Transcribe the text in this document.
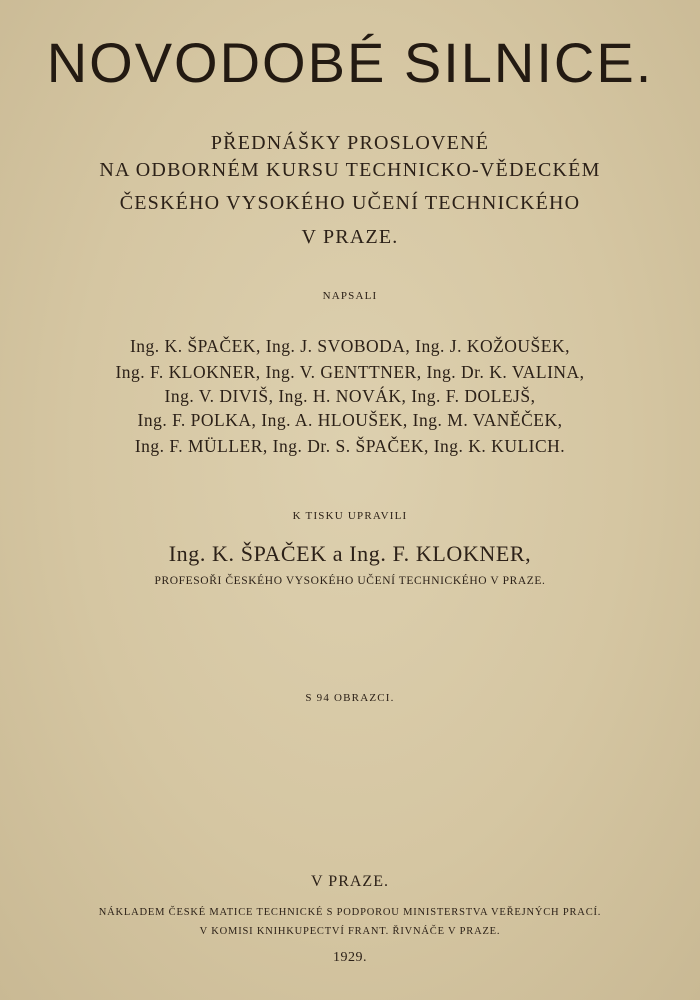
NOVODOBÉ SILNICE.
PŘEDNÁŠKY PROSLOVENÉ
NA ODBORNÉM KURSU TECHNICKO-VĚDECKÉM
ČESKÉHO VYSOKÉHO UČENÍ TECHNICKÉHO
V PRAZE.
NAPSALI
Ing. K. ŠPAČEK, Ing. J. SVOBODA, Ing. J. KOŽOUŠEK,
Ing. F. KLOKNER, Ing. V. GENTTNER, Ing. Dr. K. VALINA,
Ing. V. DIVIŠ, Ing. H. NOVÁK, Ing. F. DOLEJŠ,
Ing. F. POLKA, Ing. A. HLOUŠEK, Ing. M. VANĚČEK,
Ing. F. MÜLLER, Ing. Dr. S. ŠPAČEK, Ing. K. KULICH.
K TISKU UPRAVILI
Ing. K. ŠPAČEK a Ing. F. KLOKNER,
PROFESOŘI ČESKÉHO VYSOKÉHO UČENÍ TECHNICKÉHO V PRAZE.
S 94 OBRAZCI.
V PRAZE.
NÁKLADEM ČESKÉ MATICE TECHNICKÉ S PODPOROU MINISTERSTVA VEŘEJNÝCH PRACÍ.
V KOMISI KNIHKUPECTVÍ FRANT. ŘIVNÁČE V PRAZE.
1929.
